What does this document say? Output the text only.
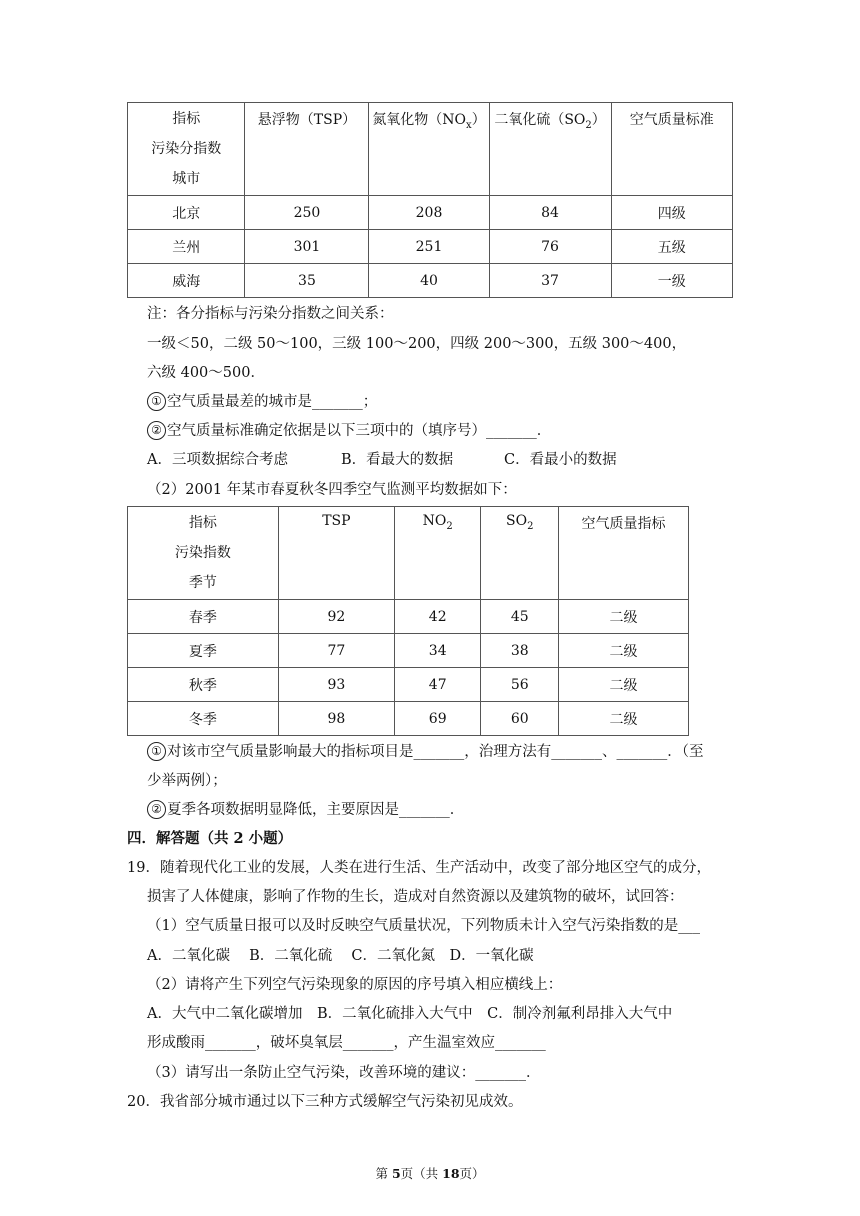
指标
污染分指数
城市	悬浮物（TSP）	氮氧化物$(NO_x)$	二氧化硫$(SO_2)$	空气质量标准
北京	250	208	84	四级
兰州	301	251	76	五级
威海	35	40	37	一级
注：各分指标与污染分指数之间关系：
一级＜50，二级 50～100，三级 100～200，四级 200～300，五级 300～400，
六级 400～500．
① 空气质量最差的城市是_______；
② 空气质量标准确定依据是以下三项中的（填序号）_______．
A．三项数据综合考虑	B．看最大的数据	C．看最小的数据
（2）2001 年某市春夏秋冬四季空气监测平均数据如下：
指标
污染指数
季节	TSP	$NO_2$	$SO_2$	空气质量指标
春季	92	42	45	二级
夏季	77	34	38	二级
秋季	93	47	56	二级
冬季	98	69	60	二级
① 对该市空气质量影响最大的指标项目是_______，治理方法有_______、_______．（至
少举两例）；
② 夏季各项数据明显降低，主要原因是_______．
四．解答题（共 2 小题）
19．随着现代化工业的发展，人类在进行生活、生产活动中，改变了部分地区空气的成分，
损害了人体健康，影响了作物的生长，造成对自然资源以及建筑物的破坏，试回答：
（1）空气质量日报可以及时反映空气质量状况，下列物质未计入空气污染指数的是___
A．二氧化碳　 B．二氧化硫　 C．二氧化氮　D．一氧化碳
（2）请将产生下列空气污染现象的原因的序号填入相应横线上：
A．大气中二氧化碳增加　B．二氧化硫排入大气中　C．制冷剂氟利昂排入大气中
形成酸雨_______，破坏臭氧层_______，产生温室效应_______
（3）请写出一条防止空气污染，改善环境的建议：_______．
20．我省部分城市通过以下三种方式缓解空气污染初见成效。
第 5页（共 18页）
